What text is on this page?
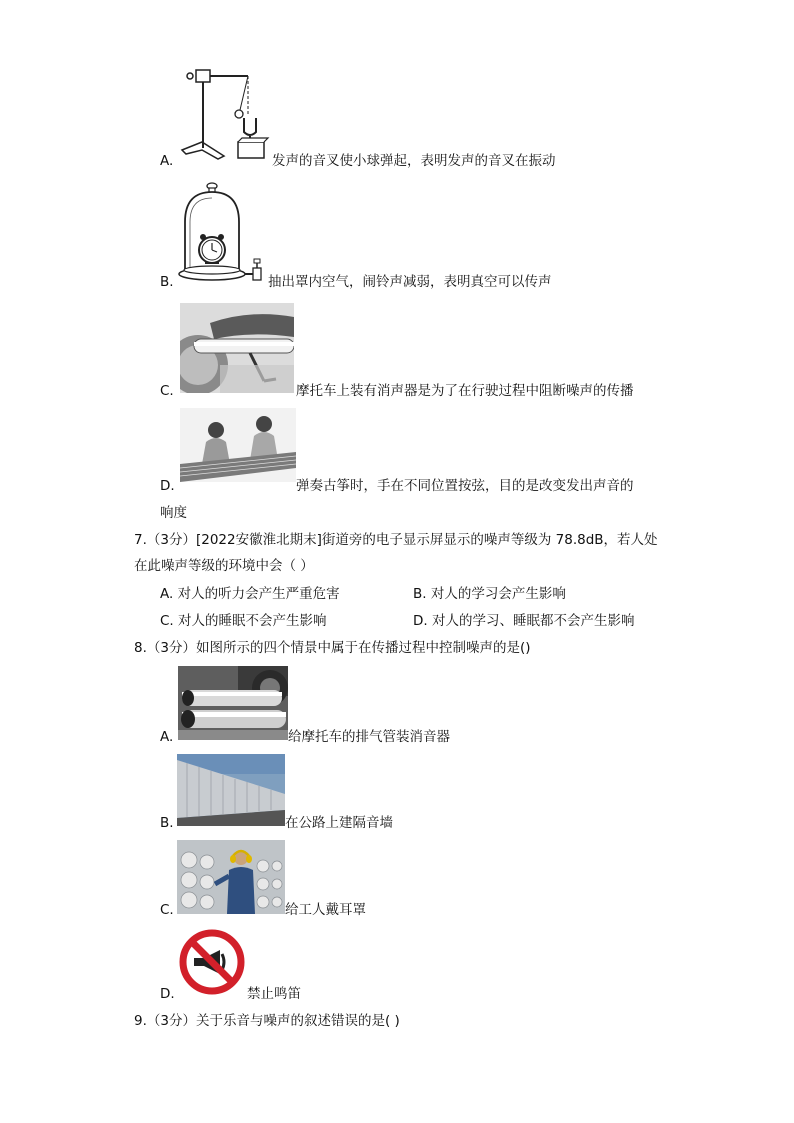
A.	发声的音叉使小球弹起，表明发声的音叉在振动
B.	抽出罩内空气，闹铃声减弱，表明真空可以传声
C.	摩托车上装有消声器是为了在行驶过程中阻断噪声的传播
D.	弹奏古筝时，手在不同位置按弦，目的是改变发出声音的
响度
7.（3分）[2022安徽淮北期末]街道旁的电子显示屏显示的噪声等级为 78.8dB，若人处
在此噪声等级的环境中会（ ）
A. 对人的听力会产生严重危害	B. 对人的学习会产生影响
C. 对人的睡眠不会产生影响	D. 对人的学习、睡眠都不会产生影响
8.（3分）如图所示的四个情景中属于在传播过程中控制噪声的是()
A.	给摩托车的排气管装消音器
B.	在公路上建隔音墙
C.	给工人戴耳罩
D.	禁止鸣笛
9.（3分）关于乐音与噪声的叙述错误的是( )
